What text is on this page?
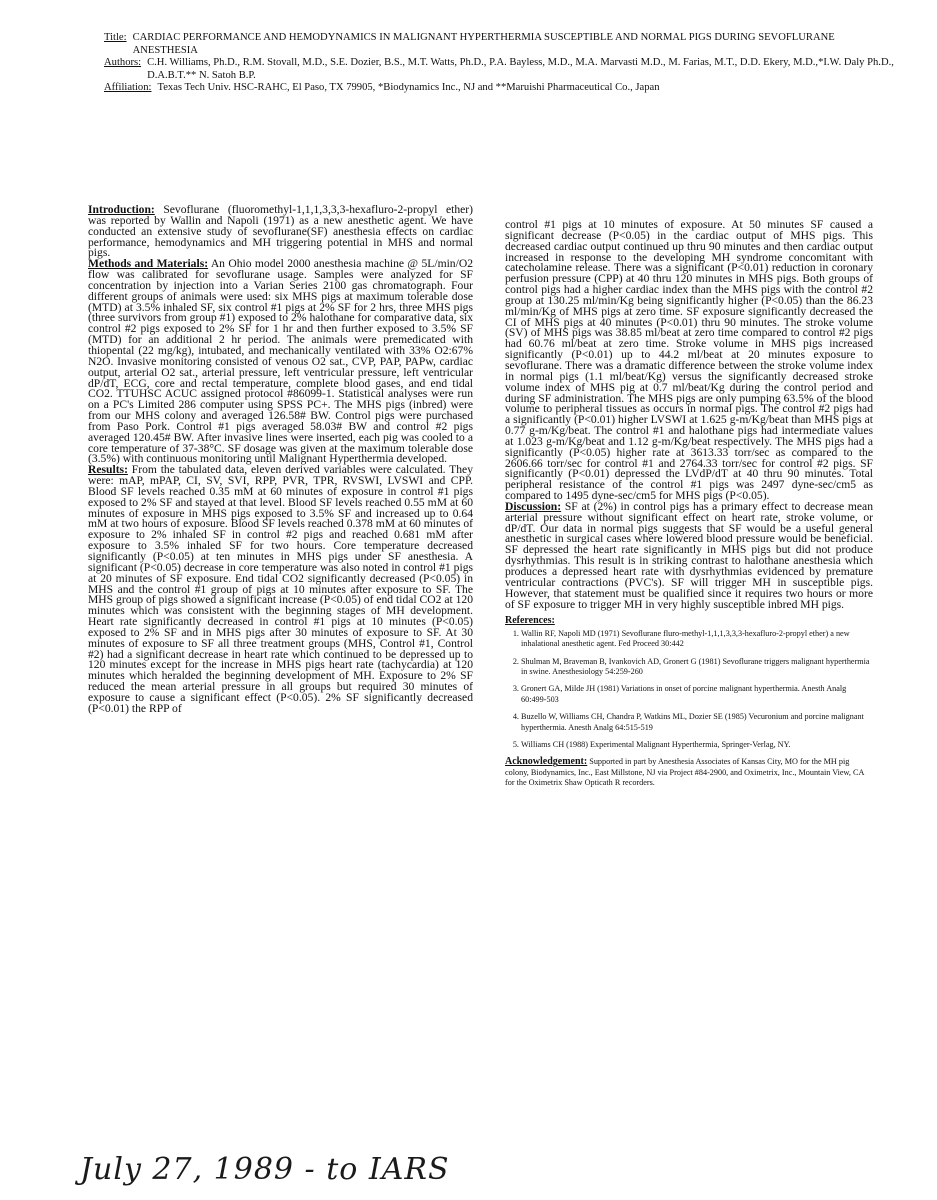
Title: CARDIAC PERFORMANCE AND HEMODYNAMICS IN MALIGNANT HYPERTHERMIA SUSCEPTIBLE AND NORMAL PIGS DURING SEVOFLURANE ANESTHESIA
Authors: C.H. Williams, Ph.D., R.M. Stovall, M.D., S.E. Dozier, B.S., M.T. Watts, Ph.D., P.A. Bayless, M.D., M.A. Marvasti M.D., M. Farias, M.T., D.D. Ekery, M.D.,*I.W. Daly Ph.D., D.A.B.T.** N. Satoh B.P.
Affiliation: Texas Tech Univ. HSC-RAHC, El Paso, TX 79905, *Biodynamics Inc., NJ and **Maruishi Pharmaceutical Co., Japan

Introduction: Sevoflurane (fluoromethyl-1,1,1,3,3,3-hexafluro-2-propyl ether) was reported by Wallin and Napoli (1971) as a new anesthetic agent. We have conducted an extensive study of sevoflurane(SF) anesthesia effects on cardiac performance, hemodynamics and MH triggering potential in MHS and normal pigs.

Methods and Materials: An Ohio model 2000 anesthesia machine @ 5L/min/O2 flow was calibrated for sevoflurane usage. Samples were analyzed for SF concentration by injection into a Varian Series 2100 gas chromatograph. Four different groups of animals were used: six MHS pigs at maximum tolerable dose (MTD) at 3.5% inhaled SF, six control #1 pigs at 2% SF for 2 hrs, three MHS pigs (three survivors from group #1) exposed to 2% halothane for comparative data, six control #2 pigs exposed to 2% SF for 1 hr and then further exposed to 3.5% SF (MTD) for an additional 2 hr period. The animals were premedicated with thiopental (22 mg/kg), intubated, and mechanically ventilated with 33% O2:67% N2O. Invasive monitoring consisted of venous O2 sat., CVP, PAP, PAPw, cardiac output, arterial O2 sat., arterial pressure, left ventricular pressure, left ventricular dP/dT, ECG, core and rectal temperature, complete blood gases, and end tidal CO2. TTUHSC ACUC assigned protocol #86099-1. Statistical analyses were run on a PC's Limited 286 computer using SPSS PC+. The MHS pigs (inbred) were from our MHS colony and averaged 126.58# BW. Control pigs were purchased from Paso Pork. Control #1 pigs averaged 58.03# BW and control #2 pigs averaged 120.45# BW. After invasive lines were inserted, each pig was cooled to a core temperature of 37-38°C. SF dosage was given at the maximum tolerable dose (3.5%) with continuous monitoring until Malignant Hyperthermia developed.

Results: From the tabulated data, eleven derived variables were calculated. They were: mAP, mPAP, CI, SV, SVI, RPP, PVR, TPR, RVSWI, LVSWI and CPP. Blood SF levels reached 0.35 mM at 60 minutes of exposure in control #1 pigs exposed to 2% SF and stayed at that level. Blood SF levels reached 0.55 mM at 60 minutes of exposure in MHS pigs exposed to 3.5% SF and increased up to 0.64 mM at two hours of exposure. Blood SF levels reached 0.378 mM at 60 minutes of exposure to 2% inhaled SF in control #2 pigs and reached 0.681 mM after exposure to 3.5% inhaled SF for two hours. Core temperature decreased significantly (P<0.05) at ten minutes in MHS pigs under SF anesthesia. A significant (P<0.05) decrease in core temperature was also noted in control #1 pigs at 20 minutes of SF exposure. End tidal CO2 significantly decreased (P<0.05) in MHS and the control #1 group of pigs at 10 minutes after exposure to SF. The MHS group of pigs showed a significant increase (P<0.05) of end tidal CO2 at 120 minutes which was consistent with the beginning stages of MH development. Heart rate significantly decreased in control #1 pigs at 10 minutes (P<0.05) exposed to 2% SF and in MHS pigs after 30 minutes of exposure to SF. At 30 minutes of exposure to SF all three treatment groups (MHS, Control #1, Control #2) had a significant decrease in heart rate which continued to be depressed up to 120 minutes except for the increase in MHS pigs heart rate (tachycardia) at 120 minutes which heralded the beginning development of MH. Exposure to 2% SF reduced the mean arterial pressure in all groups but required 30 minutes of exposure to cause a significant effect (P<0.05). 2% SF significantly decreased (P<0.01) the RPP of

control #1 pigs at 10 minutes of exposure. At 50 minutes SF caused a significant decrease (P<0.05) in the cardiac output of MHS pigs. This decreased cardiac output continued up thru 90 minutes and then cardiac output increased in response to the developing MH syndrome concomitant with catecholamine release. There was a significant (P<0.01) reduction in coronary perfusion pressure (CPP) at 40 thru 120 minutes in MHS pigs. Both groups of control pigs had a higher cardiac index than the MHS pigs with the control #2 group at 130.25 ml/min/Kg being significantly higher (P<0.05) than the 86.23 ml/min/Kg of MHS pigs at zero time. SF exposure significantly decreased the CI of MHS pigs at 40 minutes (P<0.01) thru 90 minutes. The stroke volume (SV) of MHS pigs was 38.85 ml/beat at zero time compared to control #2 pigs had 60.76 ml/beat at zero time. Stroke volume in MHS pigs increased significantly (P<0.01) up to 44.2 ml/beat at 20 minutes exposure to sevoflurane. There was a dramatic difference between the stroke volume index in normal pigs (1.1 ml/beat/Kg) versus the significantly decreased stroke volume index of MHS pig at 0.7 ml/beat/Kg during the control period and during SF administration. The MHS pigs are only pumping 63.5% of the blood volume to peripheral tissues as occurs in normal pigs. The control #2 pigs had a significantly (P<0.01) higher LVSWI at 1.625 g-m/Kg/beat than MHS pigs at 0.77 g-m/Kg/beat. The control #1 and halothane pigs had intermediate values at 1.023 g-m/Kg/beat and 1.12 g-m/Kg/beat respectively. The MHS pigs had a significantly (P<0.05) higher rate at 3613.33 torr/sec as compared to the 2606.66 torr/sec for control #1 and 2764.33 torr/sec for control #2 pigs. SF significantly (P<0.01) depressed the LVdP/dT at 40 thru 90 minutes. Total peripheral resistance of the control #1 pigs was 2497 dyne-sec/cm5 as compared to 1495 dyne-sec/cm5 for MHS pigs (P<0.05).

Discussion: SF at (2%) in control pigs has a primary effect to decrease mean arterial pressure without significant effect on heart rate, stroke volume, or dP/dT. Our data in normal pigs suggests that SF would be a useful general anesthetic in surgical cases where lowered blood pressure would be beneficial. SF depressed the heart rate significantly in MHS pigs but did not produce dysrhythmias. This result is in striking contrast to halothane anesthesia which produces a depressed heart rate with dysrhythmias evidenced by premature ventricular contractions (PVC's). SF will trigger MH in susceptible pigs. However, that statement must be qualified since it requires two hours or more of SF exposure to trigger MH in very highly susceptible inbred MH pigs.

References:
1. Wallin RF, Napoli MD (1971) Sevoflurane fluro-methyl-1,1,1,3,3,3-hexafluro-2-propyl ether) a new inhalational anesthetic agent. Fed Proceed 30:442
2. Shulman M, Braveman B, Ivankovich AD, Gronert G (1981) Sevoflurane triggers malignant hyperthermia in swine. Anesthesiology 54:259-260
3. Gronert GA, Milde JH (1981) Variations in onset of porcine malignant hyperthermia. Anesth Analg 60:499-503
4. Buzello W, Williams CH, Chandra P, Watkins ML, Dozier SE (1985) Vecuronium and porcine malignant hyperthermia. Anesth Analg 64:515-519
5. Williams CH (1988) Experimental Malignant Hyperthermia, Springer-Verlag, NY.

Acknowledgement: Supported in part by Anesthesia Associates of Kansas City, MO for the MH pig colony, Biodynamics, Inc., East Millstone, NJ via Project #84-2900, and Oximetrix, Inc., Mountain View, CA for the Oximetrix Shaw Opticath R recorders.

July 27, 1989 - to IARS
